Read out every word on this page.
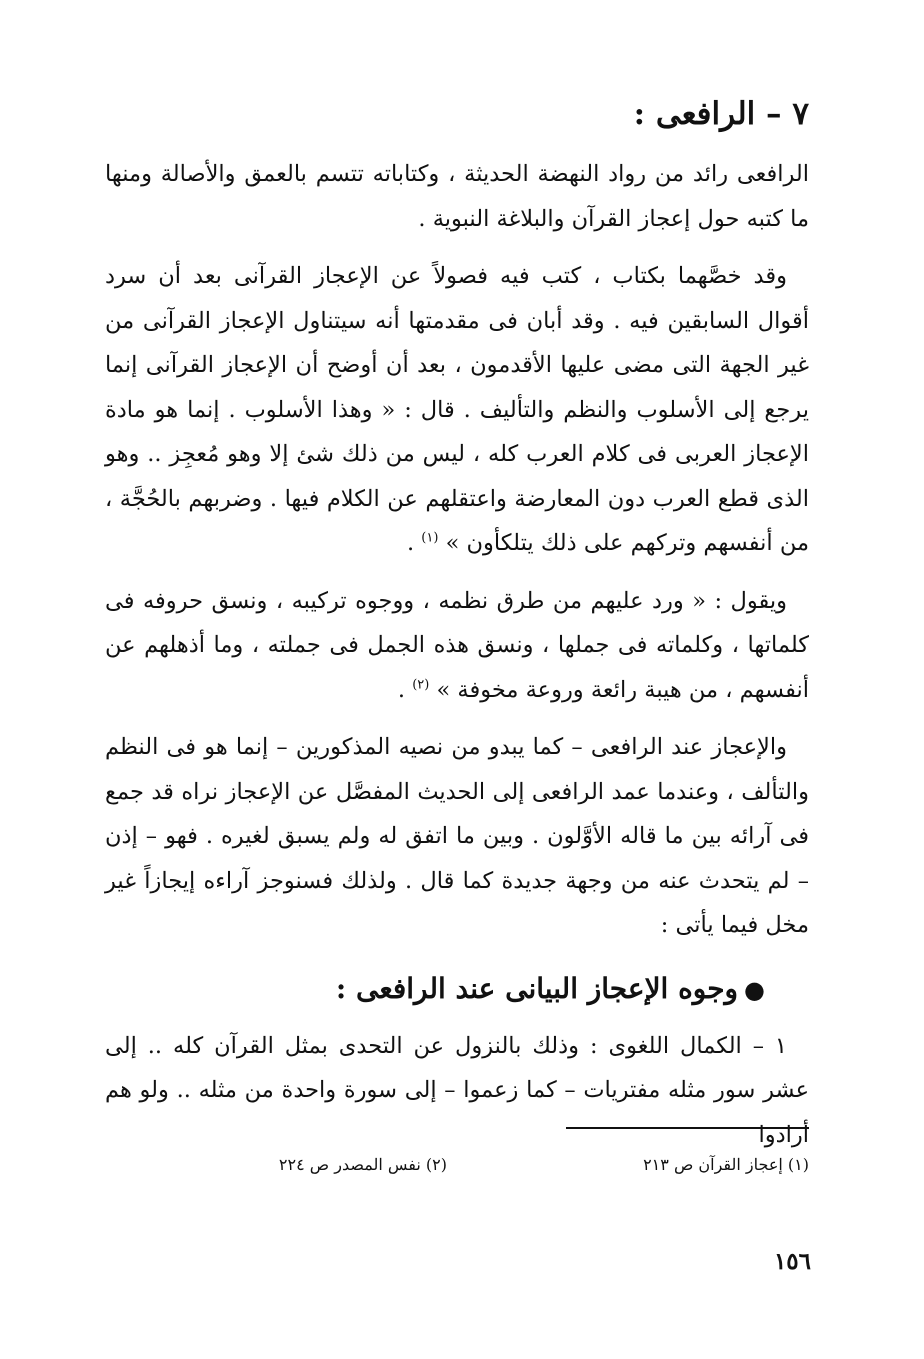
٧ – الرافعى :

الرافعى رائد من رواد النهضة الحديثة ، وكتاباته تتسم بالعمق والأصالة ومنها ما كتبه حول إعجاز القرآن والبلاغة النبوية .

وقد خصَّهما بكتاب ، كتب فيه فصولاً عن الإعجاز القرآنى بعد أن سرد أقوال السابقين فيه . وقد أبان فى مقدمتها أنه سيتناول الإعجاز القرآنى من غير الجهة التى مضى عليها الأقدمون ، بعد أن أوضح أن الإعجاز القرآنى إنما يرجع إلى الأسلوب والنظم والتأليف . قال : « وهذا الأسلوب . إنما هو مادة الإعجاز العربى فى كلام العرب كله ، ليس من ذلك شئ إلا وهو مُعجِز .. وهو الذى قطع العرب دون المعارضة واعتقلهم عن الكلام فيها . وضربهم بالحُجَّة ، من أنفسهم وتركهم على ذلك يتلكأون » $^{(١)}$ .

ويقول : « ورد عليهم من طرق نظمه ، ووجوه تركيبه ، ونسق حروفه فى كلماتها ، وكلماته فى جملها ، ونسق هذه الجمل فى جملته ، وما أذهلهم عن أنفسهم ، من هيبة رائعة وروعة مخوفة » $^{(٢)}$ .

والإعجاز عند الرافعى – كما يبدو من نصيه المذكورين – إنما هو فى النظم والتألف ، وعندما عمد الرافعى إلى الحديث المفصَّل عن الإعجاز نراه قد جمع فى آرائه بين ما قاله الأوَّلون . وبين ما اتفق له ولم يسبق لغيره . فهو – إذن – لم يتحدث عنه من وجهة جديدة كما قال . ولذلك فسنوجز آراءه إيجازاً غير مخل فيما يأتى :

●وجوه الإعجاز البيانى عند الرافعى :

١ – الكمال اللغوى : وذلك بالنزول عن التحدى بمثل القرآن كله .. إلى عشر سور مثله مفتريات – كما زعموا – إلى سورة واحدة من مثله .. ولو هم أرادوا

(١) إعجاز القرآن ص ٢١٣
(٢) نفس المصدر ص ٢٢٤
١٥٦
